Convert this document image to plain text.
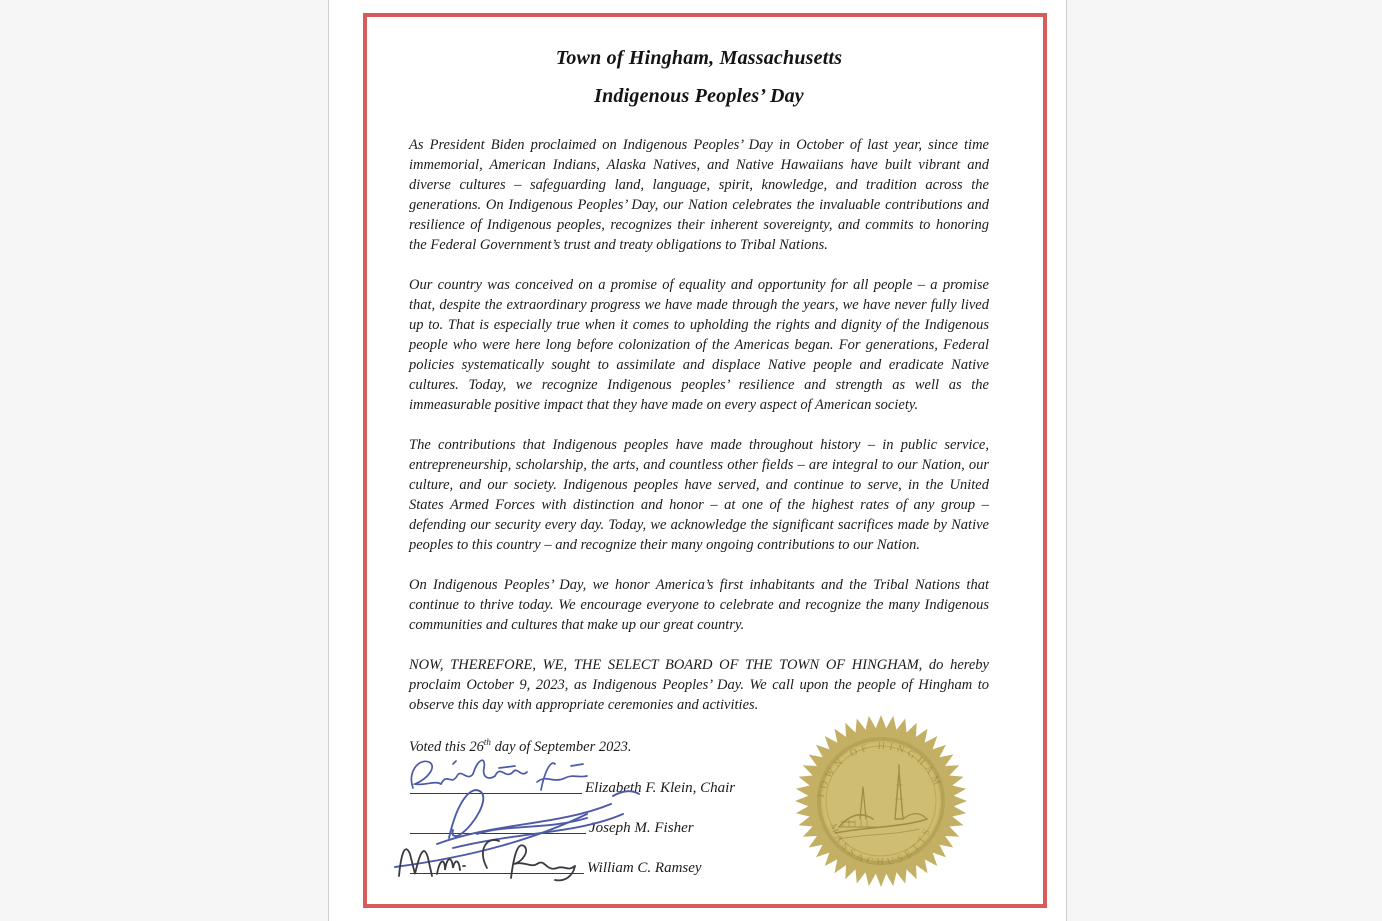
Town of Hingham, Massachusetts
Indigenous Peoples’ Day

As President Biden proclaimed on Indigenous Peoples’ Day in October of last year, since time immemorial, American Indians, Alaska Natives, and Native Hawaiians have built vibrant and diverse cultures – safeguarding land, language, spirit, knowledge, and tradition across the generations. On Indigenous Peoples’ Day, our Nation celebrates the invaluable contributions and resilience of Indigenous peoples, recognizes their inherent sovereignty, and commits to honoring the Federal Government’s trust and treaty obligations to Tribal Nations.

Our country was conceived on a promise of equality and opportunity for all people – a promise that, despite the extraordinary progress we have made through the years, we have never fully lived up to. That is especially true when it comes to upholding the rights and dignity of the Indigenous people who were here long before colonization of the Americas began. For generations, Federal policies systematically sought to assimilate and displace Native people and eradicate Native cultures. Today, we recognize Indigenous peoples’ resilience and strength as well as the immeasurable positive impact that they have made on every aspect of American society.

The contributions that Indigenous peoples have made throughout history – in public service, entrepreneurship, scholarship, the arts, and countless other fields – are integral to our Nation, our culture, and our society. Indigenous peoples have served, and continue to serve, in the United States Armed Forces with distinction and honor – at one of the highest rates of any group – defending our security every day. Today, we acknowledge the significant sacrifices made by Native peoples to this country – and recognize their many ongoing contributions to our Nation.

On Indigenous Peoples’ Day, we honor America’s first inhabitants and the Tribal Nations that continue to thrive today. We encourage everyone to celebrate and recognize the many Indigenous communities and cultures that make up our great country.

NOW, THEREFORE, WE, THE SELECT BOARD OF THE TOWN OF HINGHAM, do hereby proclaim October 9, 2023, as Indigenous Peoples’ Day. We call upon the people of Hingham to observe this day with appropriate ceremonies and activities.

Voted this 26th day of September 2023.

Elizabeth F. Klein, Chair
Joseph M. Fisher
William C. Ramsey
TOWN OF HINGHAM
MASSACHUSETTS
